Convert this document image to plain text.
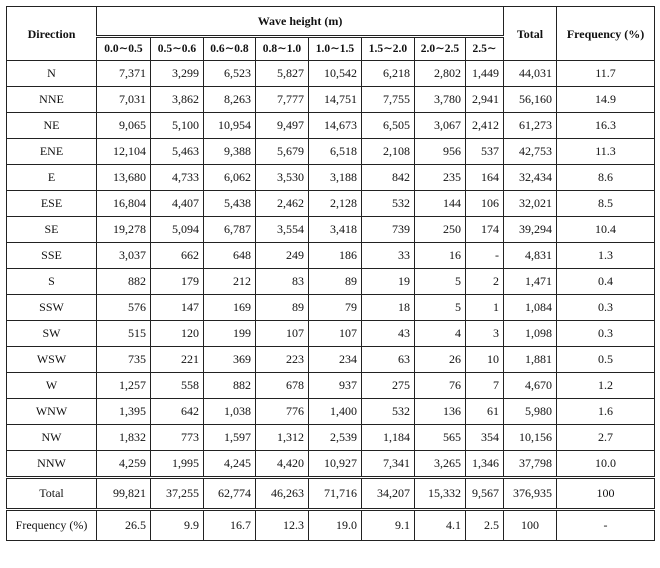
Direction	Wave height (m)								Total	Frequency (%)
	0.0∼0.5	0.5∼0.6	0.6∼0.8	0.8∼1.0	1.0∼1.5	1.5∼2.0	2.0∼2.5	2.5∼		
N	7,371	3,299	6,523	5,827	10,542	6,218	2,802	1,449	44,031	11.7
NNE	7,031	3,862	8,263	7,777	14,751	7,755	3,780	2,941	56,160	14.9
NE	9,065	5,100	10,954	9,497	14,673	6,505	3,067	2,412	61,273	16.3
ENE	12,104	5,463	9,388	5,679	6,518	2,108	956	537	42,753	11.3
E	13,680	4,733	6,062	3,530	3,188	842	235	164	32,434	8.6
ESE	16,804	4,407	5,438	2,462	2,128	532	144	106	32,021	8.5
SE	19,278	5,094	6,787	3,554	3,418	739	250	174	39,294	10.4
SSE	3,037	662	648	249	186	33	16	-	4,831	1.3
S	882	179	212	83	89	19	5	2	1,471	0.4
SSW	576	147	169	89	79	18	5	1	1,084	0.3
SW	515	120	199	107	107	43	4	3	1,098	0.3
WSW	735	221	369	223	234	63	26	10	1,881	0.5
W	1,257	558	882	678	937	275	76	7	4,670	1.2
WNW	1,395	642	1,038	776	1,400	532	136	61	5,980	1.6
NW	1,832	773	1,597	1,312	2,539	1,184	565	354	10,156	2.7
NNW	4,259	1,995	4,245	4,420	10,927	7,341	3,265	1,346	37,798	10.0
Total	99,821	37,255	62,774	46,263	71,716	34,207	15,332	9,567	376,935	100
Frequency (%)	26.5	9.9	16.7	12.3	19.0	9.1	4.1	2.5	100	-
